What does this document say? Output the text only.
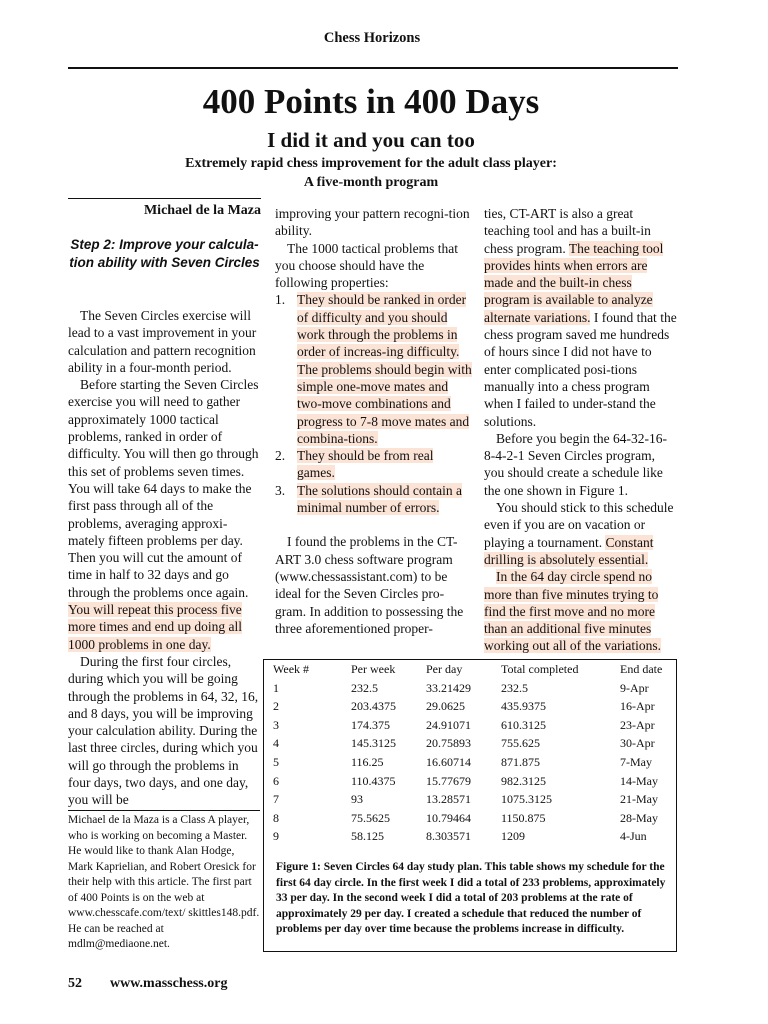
Chess Horizons
400 Points in 400 Days
I did it and you can too
Extremely rapid chess improvement for the adult class player:
A five-month program
Michael de la Maza
Step 2: Improve your calcula-tion ability with Seven Circles

The Seven Circles exercise will lead to a vast improvement in your calculation and pattern recognition ability in a four-month period.

Before starting the Seven Circles exercise you will need to gather approximately 1000 tactical problems, ranked in order of difficulty. You will then go through this set of problems seven times. You will take 64 days to make the first pass through all of the problems, averaging approxi-mately fifteen problems per day. Then you will cut the amount of time in half to 32 days and go through the problems once again. You will repeat this process five more times and end up doing all 1000 problems in one day.

During the first four circles, during which you will be going through the problems in 64, 32, 16, and 8 days, you will be improving your calculation ability. During the last three circles, during which you will go through the problems in four days, two days, and one day, you will be

Michael de la Maza is a Class A player, who is working on becoming a Master. He would like to thank Alan Hodge, Mark Kaprielian, and Robert Oresick for their help with this article. The first part of 400 Points is on the web at www.chesscafe.com/text/ skittles148.pdf. He can be reached at mdlm@mediaone.net.

improving your pattern recogni-tion ability.

The 1000 tactical problems that you choose should have the following properties:

1. They should be ranked in order of difficulty and you should work through the problems in order of increas-ing difficulty. The problems should begin with simple one-move mates and two-move combinations and progress to 7-8 move mates and combina-tions.
2. They should be from real games.
3. The solutions should contain a minimal number of errors.

I found the problems in the CT-ART 3.0 chess software program (www.chessassistant.com) to be ideal for the Seven Circles pro-gram. In addition to possessing the three aforementioned proper-

ties, CT-ART is also a great teaching tool and has a built-in chess program. The teaching tool provides hints when errors are made and the built-in chess program is available to analyze alternate variations. I found that the chess program saved me hundreds of hours since I did not have to enter complicated posi-tions manually into a chess program when I failed to under-stand the solutions.

Before you begin the 64-32-16-8-4-2-1 Seven Circles program, you should create a schedule like the one shown in Figure 1.

You should stick to this schedule even if you are on vacation or playing a tournament. Constant drilling is absolutely essential.

In the 64 day circle spend no more than five minutes trying to find the first move and no more than an additional five minutes working out all of the variations.

Week #	Per week	Per day	Total completed	End date
1	232.5	33.21429	232.5	9-Apr
2	203.4375	29.0625	435.9375	16-Apr
3	174.375	24.91071	610.3125	23-Apr
4	145.3125	20.75893	755.625	30-Apr
5	116.25	16.60714	871.875	7-May
6	110.4375	15.77679	982.3125	14-May
7	93	13.28571	1075.3125	21-May
8	75.5625	10.79464	1150.875	28-May
9	58.125	8.303571	1209	4-Jun
Figure 1: Seven Circles 64 day study plan. This table shows my schedule for the first 64 day circle. In the first week I did a total of 233 problems, approximately 33 per day. In the second week I did a total of 203 problems at the rate of approximately 29 per day. I created a schedule that reduced the number of problems per day over time because the problems increase in difficulty.
52 www.masschess.org
